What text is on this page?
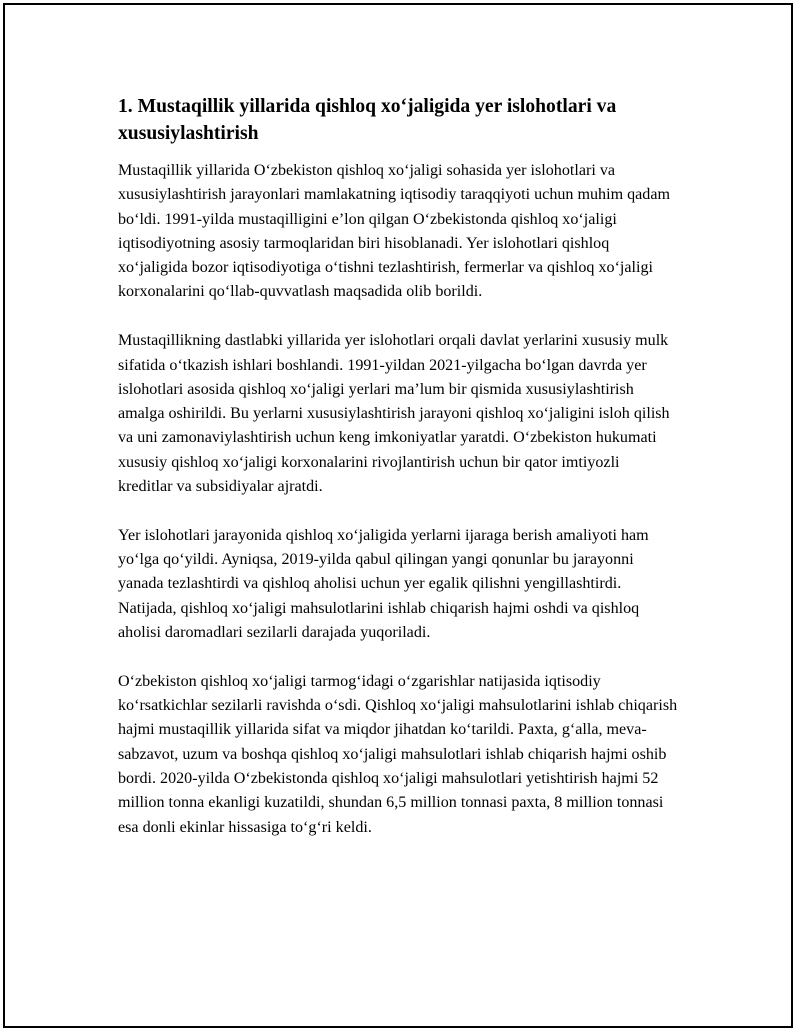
1. Mustaqillik yillarida qishloq xo‘jaligida yer islohotlari va xususiylashtirish

Mustaqillik yillarida O‘zbekiston qishloq xo‘jaligi sohasida yer islohotlari va xususiylashtirish jarayonlari mamlakatning iqtisodiy taraqqiyoti uchun muhim qadam bo‘ldi. 1991-yilda mustaqilligini e’lon qilgan O‘zbekistonda qishloq xo‘jaligi iqtisodiyotning asosiy tarmoqlaridan biri hisoblanadi. Yer islohotlari qishloq xo‘jaligida bozor iqtisodiyotiga o‘tishni tezlashtirish, fermerlar va qishloq xo‘jaligi korxonalarini qo‘llab-quvvatlash maqsadida olib borildi.

Mustaqillikning dastlabki yillarida yer islohotlari orqali davlat yerlarini xususiy mulk sifatida o‘tkazish ishlari boshlandi. 1991-yildan 2021-yilgacha bo‘lgan davrda yer islohotlari asosida qishloq xo‘jaligi yerlari ma’lum bir qismida xususiylashtirish amalga oshirildi. Bu yerlarni xususiylashtirish jarayoni qishloq xo‘jaligini isloh qilish va uni zamonaviylashtirish uchun keng imkoniyatlar yaratdi. O‘zbekiston hukumati xususiy qishloq xo‘jaligi korxonalarini rivojlantirish uchun bir qator imtiyozli kreditlar va subsidiyalar ajratdi.

Yer islohotlari jarayonida qishloq xo‘jaligida yerlarni ijaraga berish amaliyoti ham yo‘lga qo‘yildi. Ayniqsa, 2019-yilda qabul qilingan yangi qonunlar bu jarayonni yanada tezlashtirdi va qishloq aholisi uchun yer egalik qilishni yengillashtirdi. Natijada, qishloq xo‘jaligi mahsulotlarini ishlab chiqarish hajmi oshdi va qishloq aholisi daromadlari sezilarli darajada yuqoriladi.

O‘zbekiston qishloq xo‘jaligi tarmog‘idagi o‘zgarishlar natijasida iqtisodiy ko‘rsatkichlar sezilarli ravishda o‘sdi. Qishloq xo‘jaligi mahsulotlarini ishlab chiqarish hajmi mustaqillik yillarida sifat va miqdor jihatdan ko‘tarildi. Paxta, g‘alla, meva-sabzavot, uzum va boshqa qishloq xo‘jaligi mahsulotlari ishlab chiqarish hajmi oshib bordi. 2020-yilda O‘zbekistonda qishloq xo‘jaligi mahsulotlari yetishtirish hajmi 52 million tonna ekanligi kuzatildi, shundan 6,5 million tonnasi paxta, 8 million tonnasi esa donli ekinlar hissasiga to‘g‘ri keldi.
